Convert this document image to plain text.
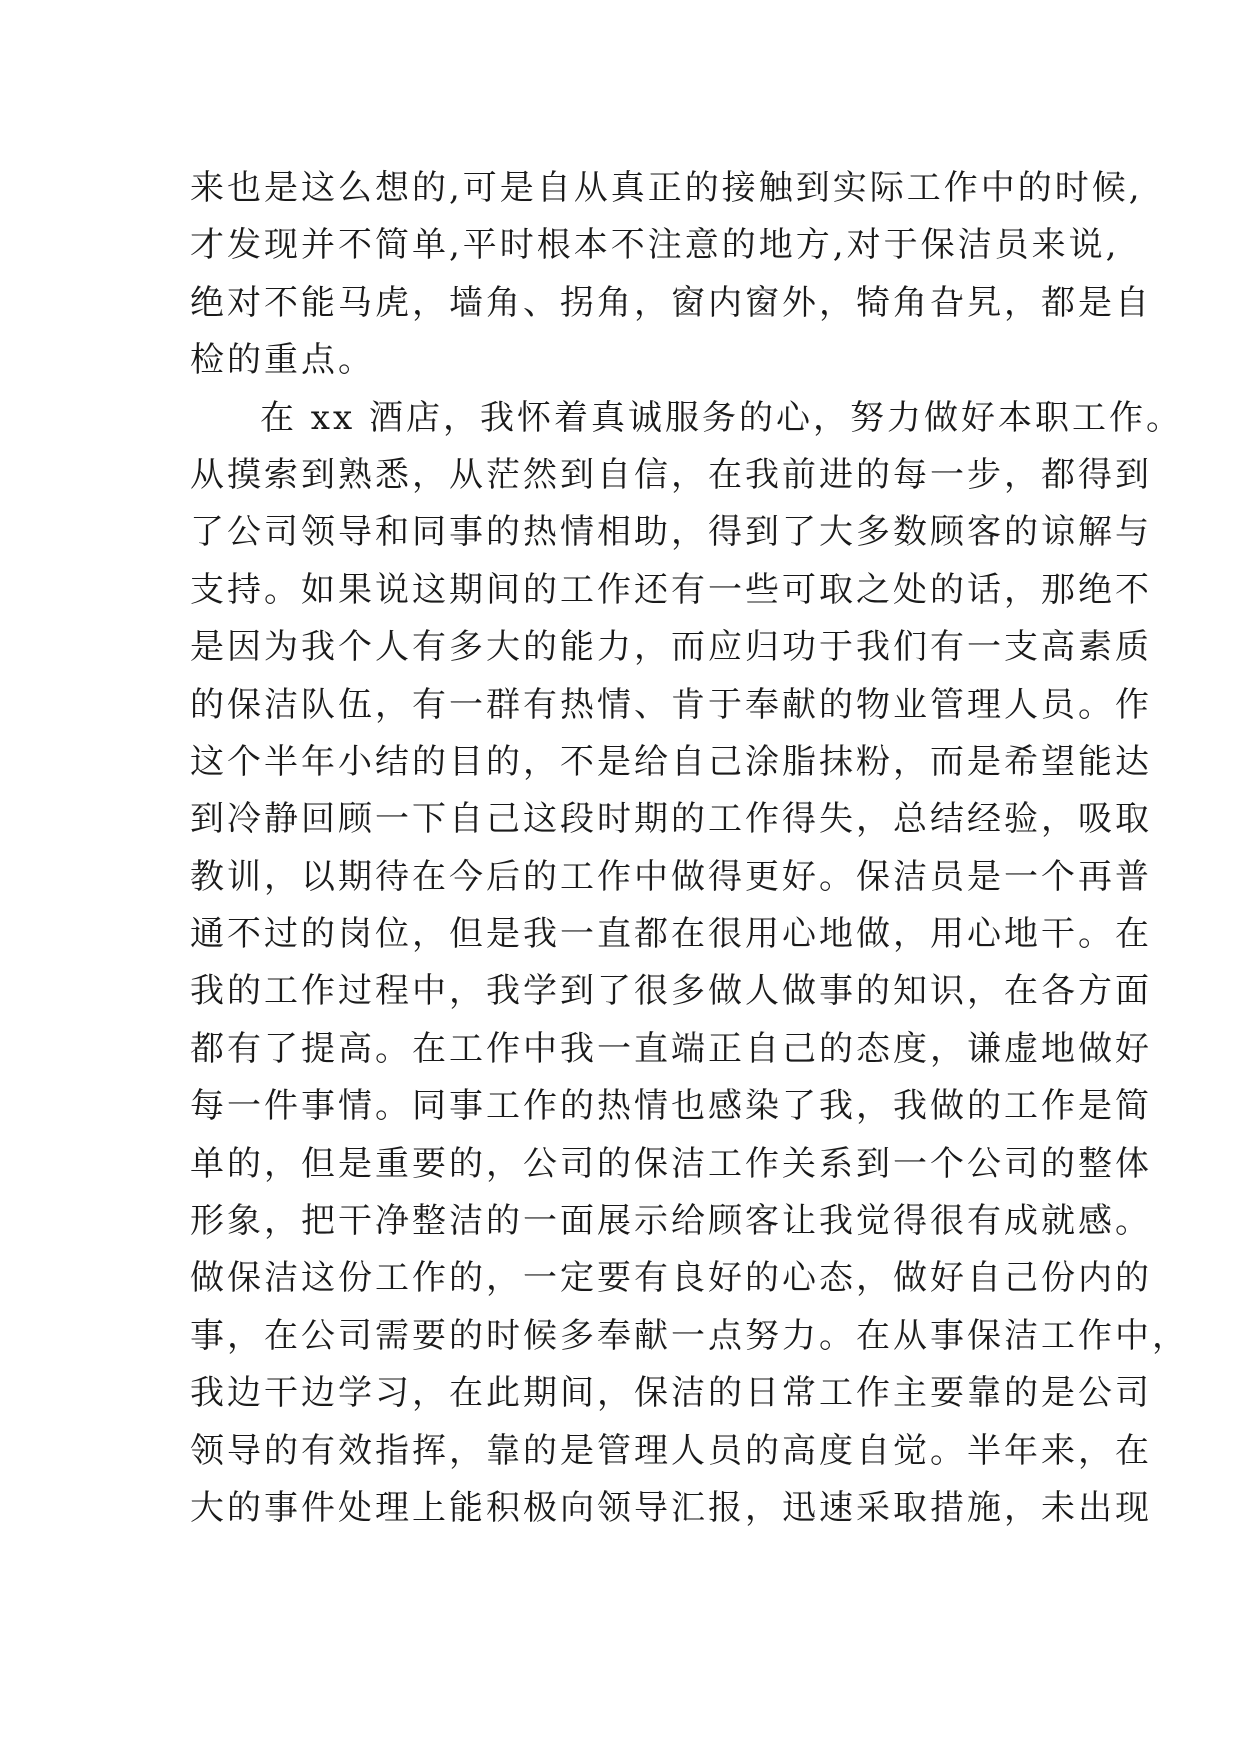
来也是这么想的,可是自从真正的接触到实际工作中的时候,
才发现并不简单,平时根本不注意的地方,对于保洁员来说,
绝对不能马虎，墙角、拐角，窗内窗外，犄角旮旯，都是自
检的重点。
在 xx 酒店，我怀着真诚服务的心，努力做好本职工作。
从摸索到熟悉，从茫然到自信，在我前进的每一步，都得到
了公司领导和同事的热情相助，得到了大多数顾客的谅解与
支持。如果说这期间的工作还有一些可取之处的话，那绝不
是因为我个人有多大的能力，而应归功于我们有一支高素质
的保洁队伍，有一群有热情、肯于奉献的物业管理人员。作
这个半年小结的目的，不是给自己涂脂抹粉，而是希望能达
到冷静回顾一下自己这段时期的工作得失，总结经验，吸取
教训，以期待在今后的工作中做得更好。保洁员是一个再普
通不过的岗位，但是我一直都在很用心地做，用心地干。在
我的工作过程中，我学到了很多做人做事的知识，在各方面
都有了提高。在工作中我一直端正自己的态度，谦虚地做好
每一件事情。同事工作的热情也感染了我，我做的工作是简
单的，但是重要的，公司的保洁工作关系到一个公司的整体
形象，把干净整洁的一面展示给顾客让我觉得很有成就感。
做保洁这份工作的，一定要有良好的心态，做好自己份内的
事，在公司需要的时候多奉献一点努力。在从事保洁工作中，
我边干边学习，在此期间，保洁的日常工作主要靠的是公司
领导的有效指挥，靠的是管理人员的高度自觉。半年来，在
大的事件处理上能积极向领导汇报，迅速采取措施，未出现
